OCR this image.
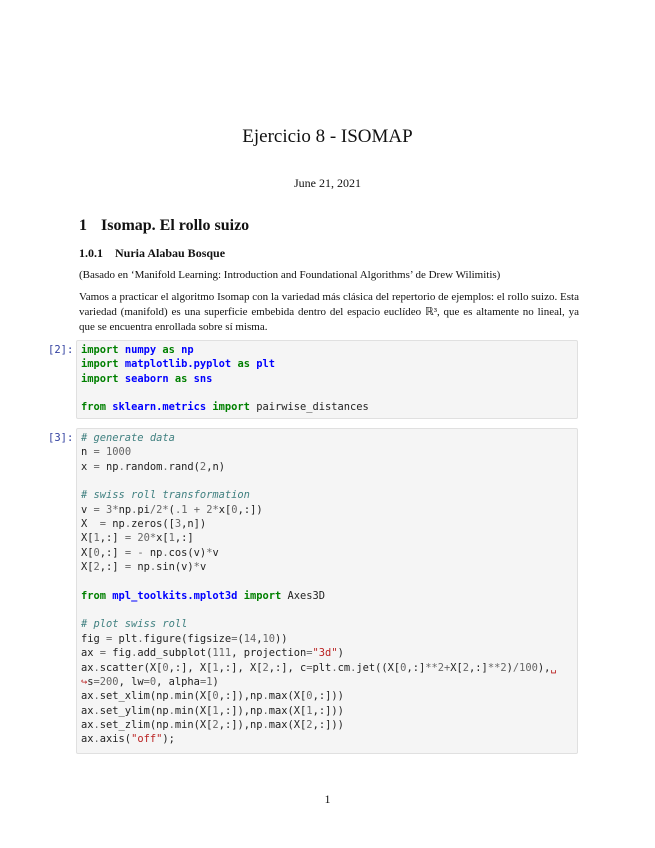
Ejercicio 8 - ISOMAP
June 21, 2021
1 Isomap. El rollo suizo
1.0.1 Nuria Alabau Bosque
(Basado en ‘Manifold Learning: Introduction and Foundational Algorithms’ de Drew Wilimitis)
Vamos a practicar el algoritmo Isomap con la variedad más clásica del repertorio de ejemplos: el rollo suizo. Esta variedad (manifold) es una superficie embebida dentro del espacio euclídeo ℝ³, que es altamente no lineal, ya que se encuentra enrollada sobre sí misma.
[2]: import numpy as np
import matplotlib.pyplot as plt
import seaborn as sns

from sklearn.metrics import pairwise_distances
[3]: # generate data
n = 1000
x = np.random.rand(2,n)

# swiss roll transformation
v = 3*np.pi/2*(.1 + 2*x[0,:])
X  = np.zeros([3,n])
X[1,:] = 20*x[1,:]
X[0,:] = - np.cos(v)*v
X[2,:] = np.sin(v)*v

from mpl_toolkits.mplot3d import Axes3D

# plot swiss roll
fig = plt.figure(figsize=(14,10))
ax = fig.add_subplot(111, projection="3d")
ax.scatter(X[0,:], X[1,:], X[2,:], c=plt.cm.jet((X[0,:]**2+X[2,:]**2)/100),␣
↪s=200, lw=0, alpha=1)
ax.set_xlim(np.min(X[0,:]),np.max(X[0,:]))
ax.set_ylim(np.min(X[1,:]),np.max(X[1,:]))
ax.set_zlim(np.min(X[2,:]),np.max(X[2,:]))
ax.axis("off");
1
